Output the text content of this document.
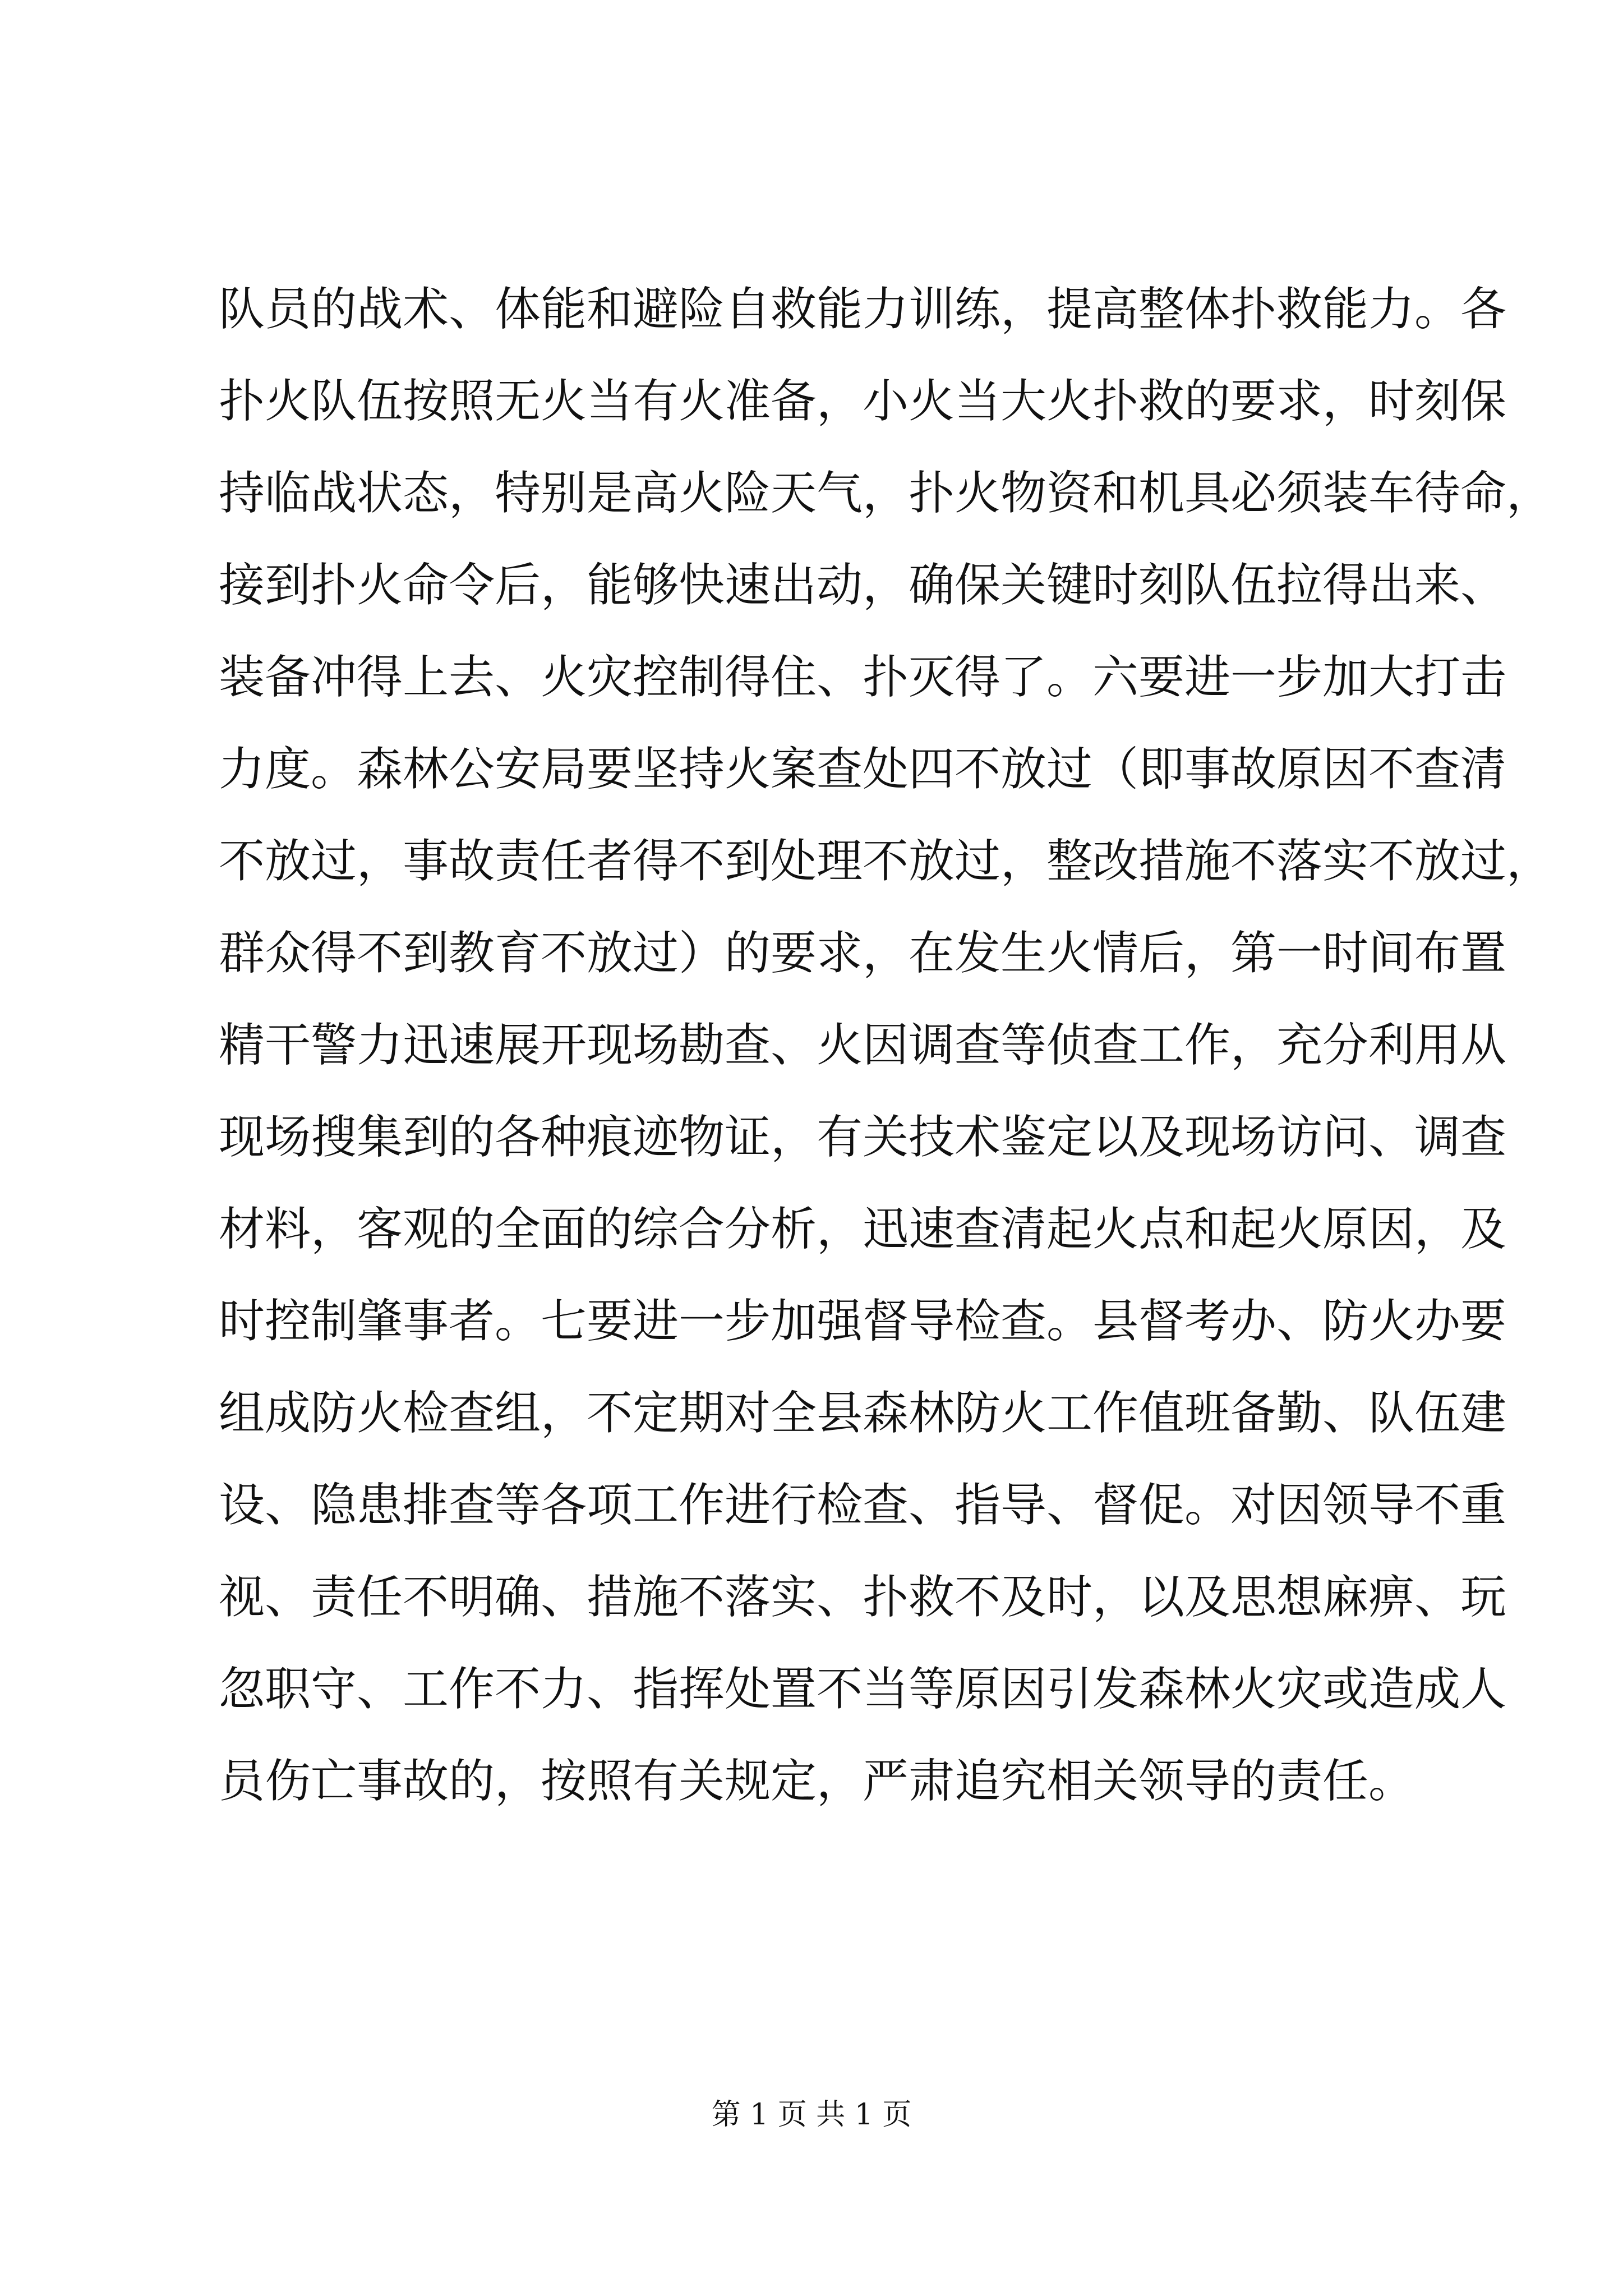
队员的战术、体能和避险自救能力训练，提高整体扑救能力。各
扑火队伍按照无火当有火准备，小火当大火扑救的要求，时刻保
持临战状态，特别是高火险天气，扑火物资和机具必须装车待命，
接到扑火命令后，能够快速出动，确保关键时刻队伍拉得出来、
装备冲得上去、火灾控制得住、扑灭得了。六要进一步加大打击
力度。森林公安局要坚持火案查处四不放过（即事故原因不查清
不放过，事故责任者得不到处理不放过，整改措施不落实不放过，
群众得不到教育不放过）的要求，在发生火情后，第一时间布置
精干警力迅速展开现场勘查、火因调查等侦查工作，充分利用从
现场搜集到的各种痕迹物证，有关技术鉴定以及现场访问、调查
材料，客观的全面的综合分析，迅速查清起火点和起火原因，及
时控制肇事者。七要进一步加强督导检查。县督考办、防火办要
组成防火检查组，不定期对全县森林防火工作值班备勤、队伍建
设、隐患排查等各项工作进行检查、指导、督促。对因领导不重
视、责任不明确、措施不落实、扑救不及时，以及思想麻痹、玩
忽职守、工作不力、指挥处置不当等原因引发森林火灾或造成人
员伤亡事故的，按照有关规定，严肃追究相关领导的责任。
第 1 页 共 1 页
